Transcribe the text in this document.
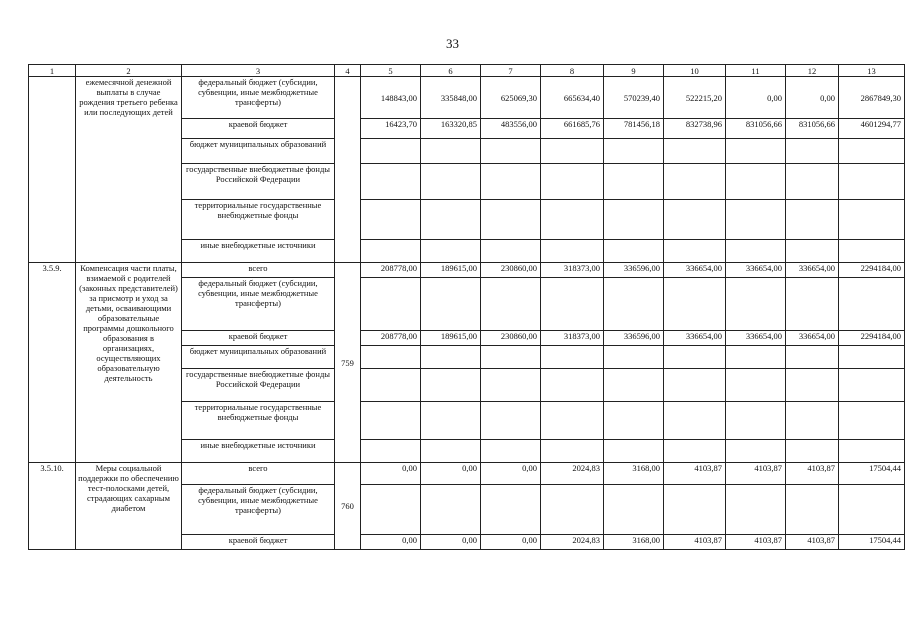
33
1	2	3	4	5	6	7	8	9	10	11	12	13
	ежемесячной денежной выплаты в случае рождения третьего ребенка или последующих детей	федеральный бюджет (субсидии, субвенции, иные межбюджетные трансферты)		148843,00	335848,00	625069,30	665634,40	570239,40	522215,20	0,00	0,00	2867849,30
		краевой бюджет		16423,70	163320,85	483556,00	661685,76	781456,18	832738,96	831056,66	831056,66	4601294,77
		бюджет муниципальных образований										
		государственные внебюджетные фонды Российской Федерации										
		территориальные государственные внебюджетные фонды										
		иные внебюджетные источники										
3.5.9.	Компенсация части платы, взимаемой с родителей (законных представителей) за присмотр и уход за детьми, осваивающими образовательные программы дошкольного образования в организациях, осуществляющих образовательную деятельность	всего	759	208778,00	189615,00	230860,00	318373,00	336596,00	336654,00	336654,00	336654,00	2294184,00
		федеральный бюджет (субсидии, субвенции, иные межбюджетные трансферты)										
		краевой бюджет		208778,00	189615,00	230860,00	318373,00	336596,00	336654,00	336654,00	336654,00	2294184,00
		бюджет муниципальных образований										
		государственные внебюджетные фонды Российской Федерации										
		территориальные государственные внебюджетные фонды										
		иные внебюджетные источники										
3.5.10.	Меры социальной поддержки по обеспечению тест-полосками детей, страдающих сахарным диабетом	всего	760	0,00	0,00	0,00	2024,83	3168,00	4103,87	4103,87	4103,87	17504,44
		федеральный бюджет (субсидии, субвенции, иные межбюджетные трансферты)										
		краевой бюджет		0,00	0,00	0,00	2024,83	3168,00	4103,87	4103,87	4103,87	17504,44
